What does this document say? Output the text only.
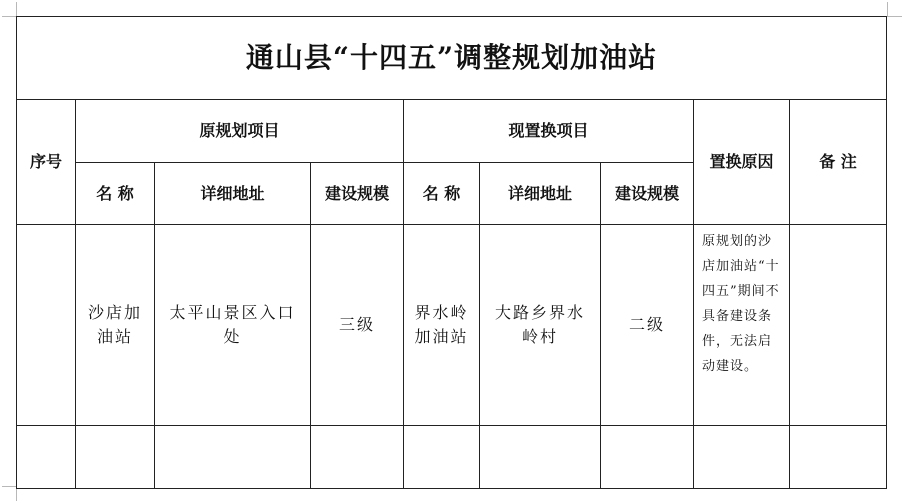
通山县“十四五”调整规划加油站								
序号	原规划项目			现置换项目			置换原因	备 注
	名 称	详细地址	建设规模	名 称	详细地址	建设规模		
	沙店加油站	太平山景区入口处	三级	界水岭加油站	大路乡界水岭村	二级	原规划的沙店加油站“十四五”期间不具备建设条件，无法启动建设。	
